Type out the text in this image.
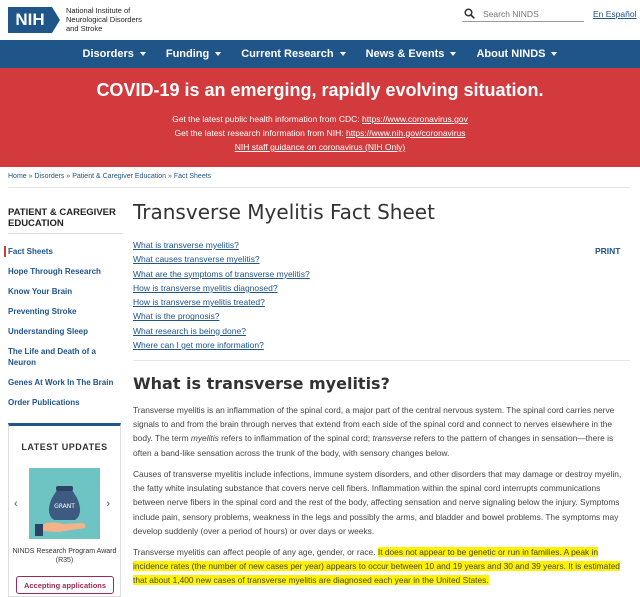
NIH	National Institute of Neurological Disorders and Stroke
Search NINDS
En Español
Disorders	Funding	Current Research	News & Events	About NINDS
COVID-19 is an emerging, rapidly evolving situation.
Get the latest public health information from CDC: https://www.coronavirus.gov
Get the latest research information from NIH: https://www.nih.gov/coronavirus
NIH staff guidance on coronavirus (NIH Only)
Home » Disorders » Patient & Caregiver Education » Fact Sheets
PATIENT & CAREGIVER EDUCATION
Fact Sheets
Hope Through Research
Know Your Brain
Preventing Stroke
Understanding Sleep
The Life and Death of a Neuron
Genes At Work In The Brain
Order Publications
LATEST UPDATES
‹	GRANT	›
NINDS Research Program Award (R35)
Accepting applications
Transverse Myelitis Fact Sheet
PRINT
What is transverse myelitis?
What causes transverse myelitis?
What are the symptoms of transverse myelitis?
How is transverse myelitis diagnosed?
How is transverse myelitis treated?
What is the prognosis?
What research is being done?
Where can I get more information?
What is transverse myelitis?

Transverse myelitis is an inflammation of the spinal cord, a major part of the central nervous system. The spinal cord carries nerve signals to and from the brain through nerves that extend from each side of the spinal cord and connect to nerves elsewhere in the body. The term myelitis refers to inflammation of the spinal cord; transverse refers to the pattern of changes in sensation—there is often a band-like sensation across the trunk of the body, with sensory changes below.

Causes of transverse myelitis include infections, immune system disorders, and other disorders that may damage or destroy myelin, the fatty white insulating substance that covers nerve cell fibers. Inflammation within the spinal cord interrupts communications between nerve fibers in the spinal cord and the rest of the body, affecting sensation and nerve signaling below the injury. Symptoms include pain, sensory problems, weakness in the legs and possibly the arms, and bladder and bowel problems. The symptoms may develop suddenly (over a period of hours) or over days or weeks.

Transverse myelitis can affect people of any age, gender, or race. It does not appear to be genetic or run in families. A peak in incidence rates (the number of new cases per year) appears to occur between 10 and 19 years and 30 and 39 years. It is estimated that about 1,400 new cases of transverse myelitis are diagnosed each year in the United States.
